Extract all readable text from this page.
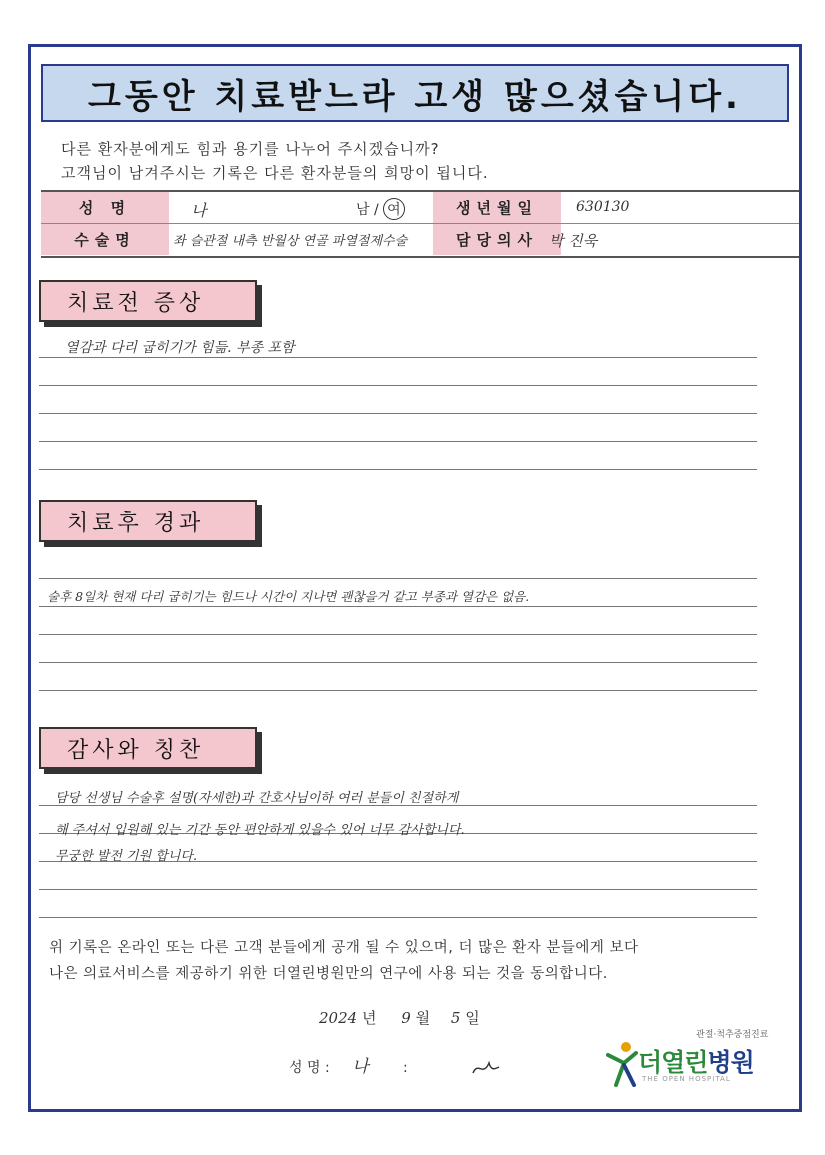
그동안 치료받느라 고생 많으셨습니다.
다른 환자분에게도 힘과 용기를 나누어 주시겠습니까?
고객님이 남겨주시는 기록은 다른 환자분들의 희망이 됩니다.
성 명	나	남 / 여	생년월일	630130
수술명	좌 슬관절 내측 반월상 연골 파열절제수술	담당의사 박 진욱
치료전 증상
열감과 다리 굽히기가 힘듦. 부종 포함
치료후 경과
술후 8일차 현재 다리 굽히기는 힘드나 시간이 지나면 괜찮을거 같고 부종과 열감은 없음.
감사와 칭찬
담당 선생님 수술후 설명(자세한)과 간호사님이하 여러 분들이 친절하게
해 주셔서 입원해 있는 기간 동안 편안하게 있을수 있어 너무 감사합니다.
무궁한 발전 기원 합니다.
위 기록은 온라인 또는 다른 고객 분들에게 공개 될 수 있으며, 더 많은 환자 분들에게 보다
나은 의료서비스를 제공하기 위한 더열린병원만의 연구에 사용 되는 것을 동의합니다.
2024 년 9 월 5 일
성 명 : 나 :
관절·척추중점진료
더열린병원
THE OPEN HOSPITAL
